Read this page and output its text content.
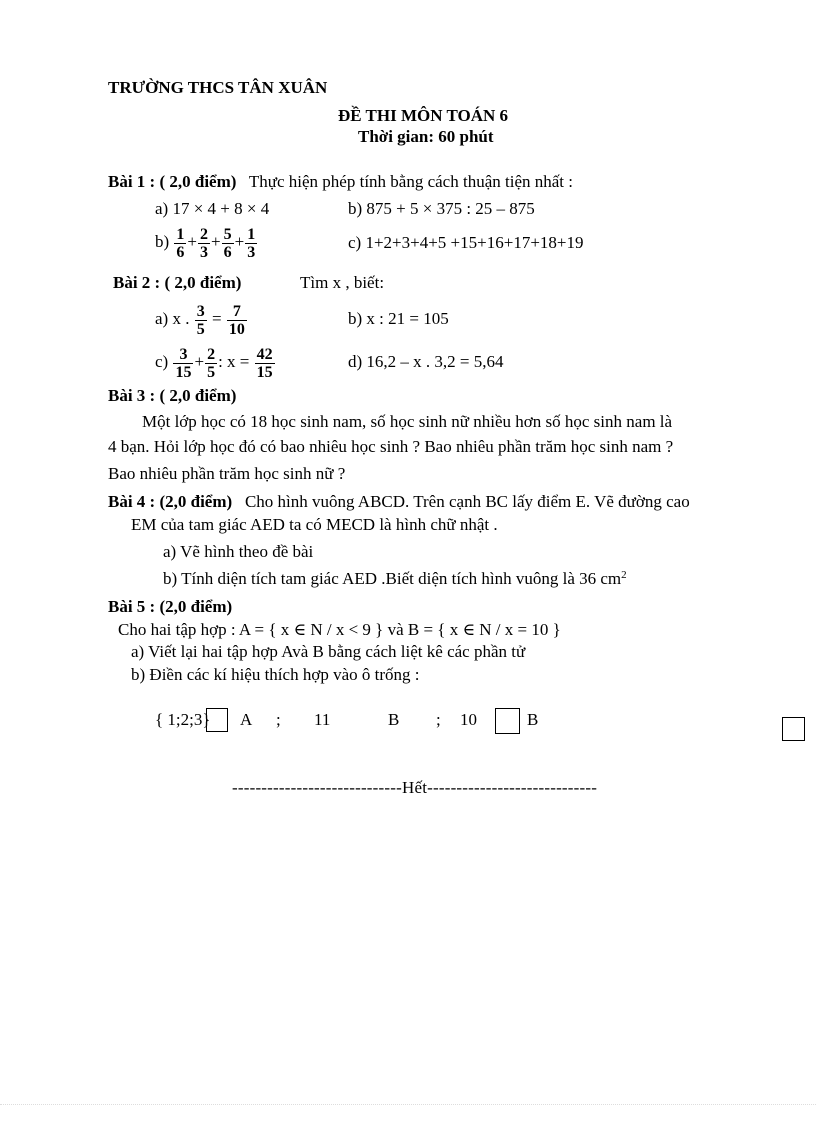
TRƯỜNG THCS TÂN XUÂN
ĐỀ THI MÔN TOÁN 6
Thời gian: 60 phút
Bài 1 : ( 2,0 điểm) Thực hiện phép tính bằng cách thuận tiện nhất :
a) 17 × 4 + 8 × 4	b) 875 + 5 × 375 : 25 – 875
$b) \frac{1}{6} + \frac{2}{3} + \frac{5}{6} + \frac{1}{3}$	c) 1+2+3+4+5 +15+16+17+18+19
Bài 2 : ( 2,0 điểm)	Tìm x , biết:
a) x . $\frac{3}{5} = \frac{7}{10}$	b) x : 21 = 105
$c) \frac{3}{15} + \frac{2}{5}$ : $x = \frac{42}{15}$	d) 16,2 – x . 3,2 = 5,64
Bài 3 : ( 2,0 điểm)
Một lớp học có 18 học sinh nam, số học sinh nữ nhiều hơn số học sinh nam là
4 bạn. Hỏi lớp học đó có bao nhiêu học sinh ? Bao nhiêu phần trăm học sinh nam ?
Bao nhiêu phần trăm học sinh nữ ?
Bài 4 : (2,0 điểm) Cho hình vuông ABCD. Trên cạnh BC lấy điểm E. Vẽ đường cao
EM của tam giác AED ta có MECD là hình chữ nhật .
a) Vẽ hình theo đề bài
b) Tính diện tích tam giác AED .Biết diện tích hình vuông là 36 $cm^2$
Bài 5 : (2,0 điểm)
Cho hai tập hợp : A = { x ∈ N / x < 9 } và B = { x ∈ N / x = 10 }
a) Viết lại hai tập hợp Avà B bằng cách liệt kê các phần tử
b) Điền các kí hiệu thích hợp vào ô trống :
{ 1;2;3} A ; 11	B ; 10	B
-----------------------------Hết-----------------------------
